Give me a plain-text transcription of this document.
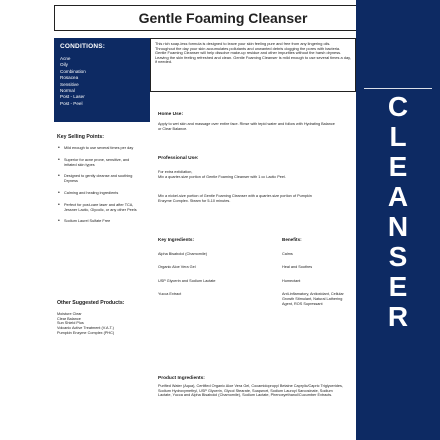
Gentle Foaming Cleanser
CONDITIONS:
Acne
Oily
Combination
Rosacea
Sensitive
Normal
Post - Laser
Post - Peel
Key Selling Points:
• Mild enough to use several times per day
• Superior for acne prone, sensitive, and irritated skin types
• Designed to gently cleanse and soothing Dryness
• Calming and healing ingredients
• Perfect for post-care laser and after TCA, Jessner Lactic, Glycolic, or any other Peels
• Sodium Laurel Sulfate Free
Other Suggested Products:
Moisture Clear
Clear Balance
Sun Shield Plus
Volcanic Active Treatment (V.A.T.)
Pumpkin Enzyme Complex (PHC)
This rich soap-less formula is designed to leave your skin feeling pure and free from any lingering oils. Throughout the day your skin accumulates pollutants and unwanted debris clogging the pores with bacteria. Gentle Foaming Cleanser will help dissolve make-up residue and other impurities without the harsh dryness. Leaving the skin feeling refreshed and clean. Gentle Foaming Cleanser is mild enough to use several times a day, if needed.
Home Use:
Apply to wet skin and massage over entire face. Rinse with tepid water and follow with Hydrating Balance or Clear Balance.
Professional Use:
For extra exfoliation,
Mix a quarter-size portion of Gentle Foaming Cleanser with 1 cc Lactic Peel.
Mix a nickel-size portion of Gentle Foaming Cleanser with a quarter-size portion of Pumpkin Enzyme Complex. Steam for 5-10 minutes.
Key Ingredients:	Benefits:
Alpha Bisabolol (Chamomile)	Calms
Organic Aloe Vera Gel	Heal and Soothes
USP Glycerin and Sodium Lactate	Humectant
Yucca Extract	Anti-inflamatory, Antioxidant, Cellular Growth Stimulant, Natural Lathering Agent, ROS Supressant
Product Ingredients:
Purified Water (Aqua), Certified Organic Aloe Vera Gel, Cocamidopropyl Betaine Caprylic/Capric Triglycerides, Sodium Hydroxymethyl, USP Glycerin, Glycol Stearate, Soapwort, Sodium Lauroyl Sarcosinate, Sodium Lactate, Yucca and Alpha Bisabolol (Chamomile), Sodium Lactate, Phenoxyethanol/Cucumber Extracts.
C
L
E
A
N
S
E
R
